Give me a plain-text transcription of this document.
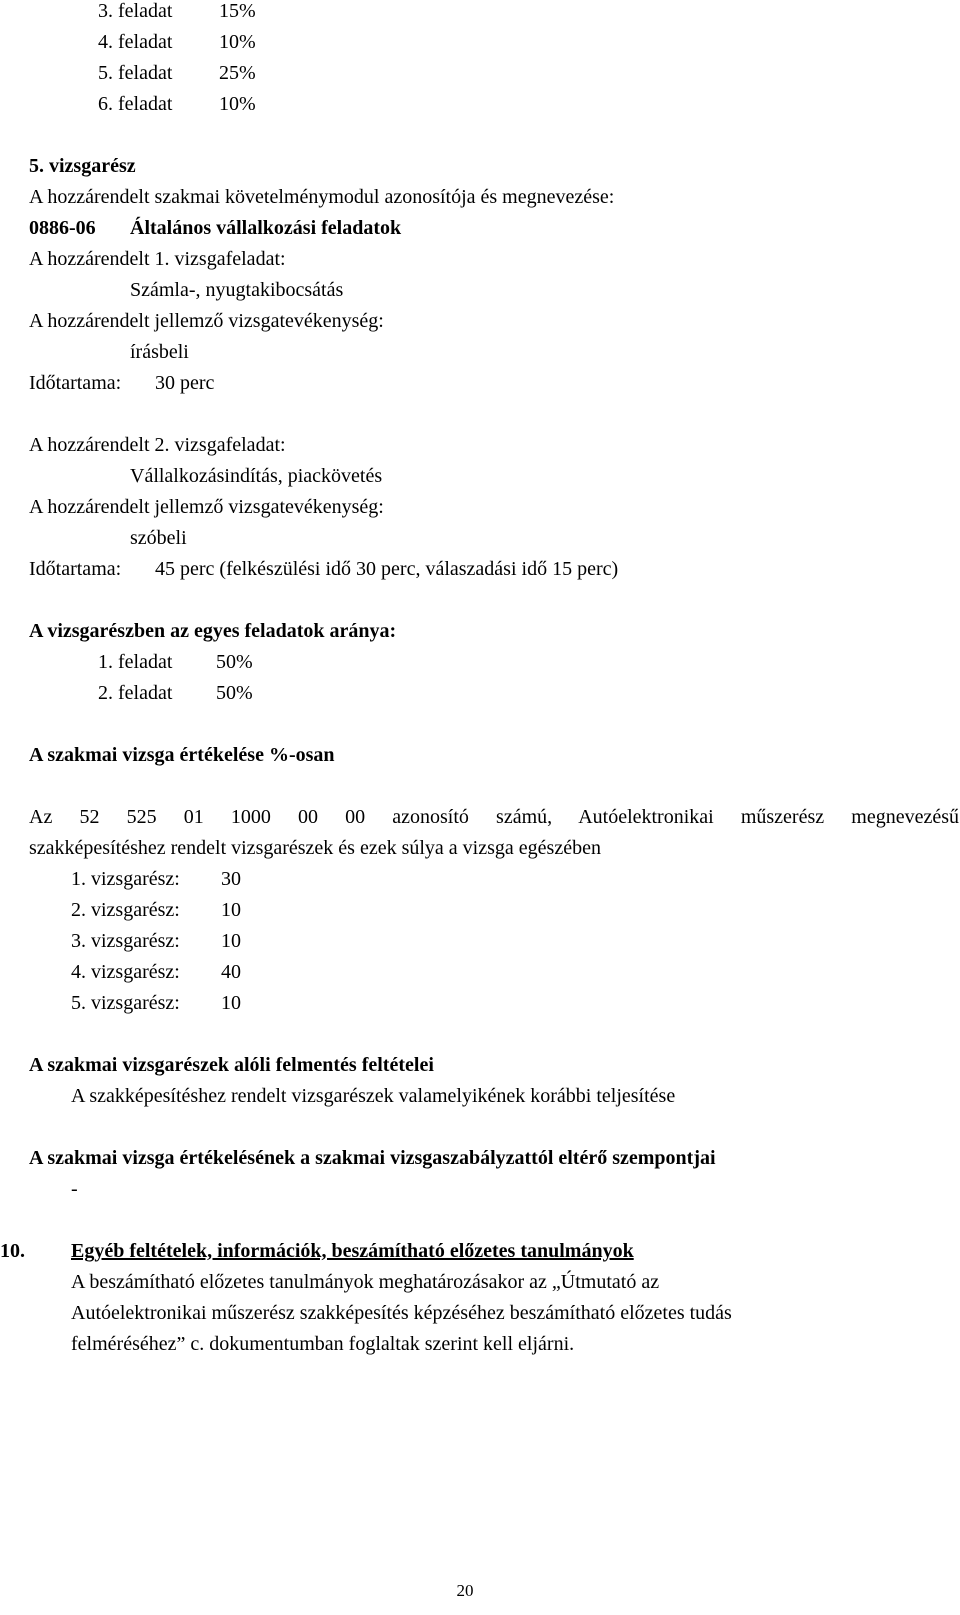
3. feladat 15%
4. feladat 10%
5. feladat 25%
6. feladat 10%
5. vizsgarész
A hozzárendelt szakmai követelménymodul azonosítója és megnevezése:
0886-06 Általános vállalkozási feladatok
A hozzárendelt 1. vizsgafeladat:
Számla-, nyugtakibocsátás
A hozzárendelt jellemző vizsgatevékenység:
írásbeli
Időtartama: 30 perc
A hozzárendelt 2. vizsgafeladat:
Vállalkozásindítás, piackövetés
A hozzárendelt jellemző vizsgatevékenység:
szóbeli
Időtartama: 45 perc (felkészülési idő 30 perc, válaszadási idő 15 perc)
A vizsgarészben az egyes feladatok aránya:
1. feladat 50%
2. feladat 50%
A szakmai vizsga értékelése %-osan
Az 52 525 01 1000 00 00 azonosító számú, Autóelektronikai műszerész megnevezésű
szakképesítéshez rendelt vizsgarészek és ezek súlya a vizsga egészében
1. vizsgarész: 30
2. vizsgarész: 10
3. vizsgarész: 10
4. vizsgarész: 40
5. vizsgarész: 10
A szakmai vizsgarészek alóli felmentés feltételei
A szakképesítéshez rendelt vizsgarészek valamelyikének korábbi teljesítése
A szakmai vizsga értékelésének a szakmai vizsgaszabályzattól eltérő szempontjai
-
10. Egyéb feltételek, információk, beszámítható előzetes tanulmányok
A beszámítható előzetes tanulmányok meghatározásakor az „Útmutató az
Autóelektronikai műszerész szakképesítés képzéséhez beszámítható előzetes tudás
felméréséhez” c. dokumentumban foglaltak szerint kell eljárni.
20
